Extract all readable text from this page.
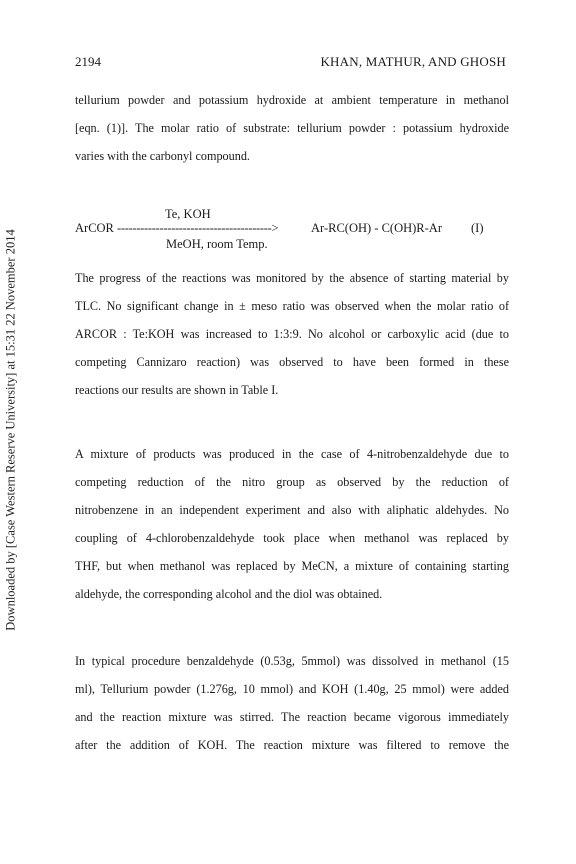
2194	KHAN, MATHUR, AND GHOSH
Downloaded by [Case Western Reserve University] at 15:31 22 November 2014
tellurium powder and potassium hydroxide at ambient temperature in methanol
[eqn. (1)]. The molar ratio of substrate: tellurium powder : potassium hydroxide
varies with the carbonyl compound.
Te, KOH
ArCOR ---------------------------------------->	Ar-RC(OH) - C(OH)R-Ar (I)
MeOH, room Temp.
The progress of the reactions was monitored by the absence of starting material by
TLC. No significant change in ± meso ratio was observed when the molar ratio of
ARCOR : Te:KOH was increased to 1:3:9. No alcohol or carboxylic acid (due to
competing Cannizaro reaction) was observed to have been formed in these
reactions our results are shown in Table I.
A mixture of products was produced in the case of 4-nitrobenzaldehyde due to
competing reduction of the nitro group as observed by the reduction of
nitrobenzene in an independent experiment and also with aliphatic aldehydes. No
coupling of 4-chlorobenzaldehyde took place when methanol was replaced by
THF, but when methanol was replaced by MeCN, a mixture of containing starting
aldehyde, the corresponding alcohol and the diol was obtained.
In typical procedure benzaldehyde (0.53g, 5mmol) was dissolved in methanol (15
ml), Tellurium powder (1.276g, 10 mmol) and KOH (1.40g, 25 mmol) were added
and the reaction mixture was stirred. The reaction became vigorous immediately
after the addition of KOH. The reaction mixture was filtered to remove the
